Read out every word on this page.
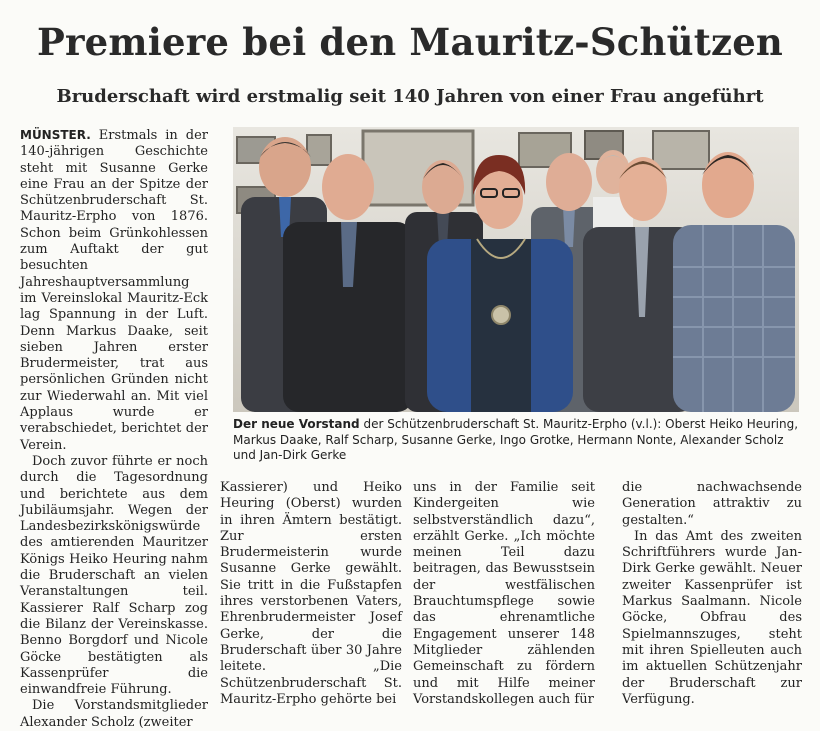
Premiere bei den Mauritz-Schützen
Bruderschaft wird erstmalig seit 140 Jahren von einer Frau angeführt

MÜNSTER. Erstmals in der 140-jährigen Geschichte steht mit Susanne Gerke eine Frau an der Spitze der Schützenbruderschaft St. Mauritz-Erpho von 1876. Schon beim Grünkohlessen zum Auftakt der gut besuchten Jahreshauptversammlung im Vereinslokal Mauritz-Eck lag Spannung in der Luft. Denn Markus Daake, seit sieben Jahren erster Brudermeister, trat aus persönlichen Gründen nicht zur Wiederwahl an. Mit viel Applaus wurde er verabschiedet, berichtet der Verein.

Doch zuvor führte er noch durch die Tagesordnung und berichtete aus dem Jubiläumsjahr. Wegen der Landesbezirkskönigswürde des amtierenden Mauritzer Königs Heiko Heuring nahm die Bruderschaft an vielen Veranstaltungen teil. Kassierer Ralf Scharp zog die Bilanz der Vereinskasse. Benno Borgdorf und Nicole Göcke bestätigten als Kassenprüfer die einwandfreie Führung.

Die Vorstandsmitglieder Alexander Scholz (zweiter

Der neue Vorstand der Schützenbruderschaft St. Mauritz-Erpho (v.l.): Oberst Heiko Heuring, Markus Daake, Ralf Scharp, Susanne Gerke, Ingo Grotke, Hermann Nonte, Alexander Scholz und Jan-Dirk Gerke

Kassierer) und Heiko Heuring (Oberst) wurden in ihren Ämtern bestätigt. Zur ersten Brudermeisterin wurde Susanne Gerke gewählt. Sie tritt in die Fußstapfen ihres verstorbenen Vaters, Ehrenbrudermeister Josef Gerke, der die Bruderschaft über 30 Jahre leitete. „Die Schützenbruderschaft St. Mauritz-Erpho gehörte bei

uns in der Familie seit Kindergeiten wie selbstverständlich dazu“, erzählt Gerke. „Ich möchte meinen Teil dazu beitragen, das Bewusstsein der westfälischen Brauchtumspflege sowie das ehrenamtliche Engagement unserer 148 Mitglieder zählenden Gemeinschaft zu fördern und mit Hilfe meiner Vorstandskollegen auch für

die nachwachsende Generation attraktiv zu gestalten.“

In das Amt des zweiten Schriftführers wurde Jan-Dirk Gerke gewählt. Neuer zweiter Kassenprüfer ist Markus Saalmann. Nicole Göcke, Obfrau des Spielmannszuges, steht mit ihren Spielleuten auch im aktuellen Schützenjahr der Bruderschaft zur Verfügung.
